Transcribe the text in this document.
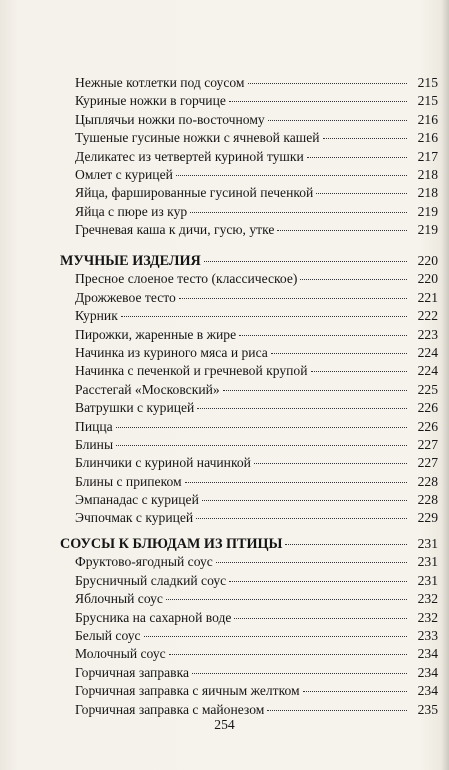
Нежные котлетки под соусом	215
Куриные ножки в горчице	215
Цыплячьи ножки по-восточному	216
Тушеные гусиные ножки с ячневой кашей	216
Деликатес из четвертей куриной тушки	217
Омлет с курицей	218
Яйца, фаршированные гусиной печенкой	218
Яйца с пюре из кур	219
Гречневая каша к дичи, гусю, утке	219
МУЧНЫЕ ИЗДЕЛИЯ	220
Пресное слоеное тесто (классическое)	220
Дрожжевое тесто	221
Курник	222
Пирожки, жаренные в жире	223
Начинка из куриного мяса и риса	224
Начинка с печенкой и гречневой крупой	224
Расстегай «Московский»	225
Ватрушки с курицей	226
Пицца	226
Блины	227
Блинчики с куриной начинкой	227
Блины с припеком	228
Эмпанадас с курицей	228
Эчпочмак с курицей	229
СОУСЫ К БЛЮДАМ ИЗ ПТИЦЫ	231
Фруктово-ягодный соус	231
Брусничный сладкий соус	231
Яблочный соус	232
Брусника на сахарной воде	232
Белый соус	233
Молочный соус	234
Горчичная заправка	234
Горчичная заправка с яичным желтком	234
Горчичная заправка с майонезом	235
254
